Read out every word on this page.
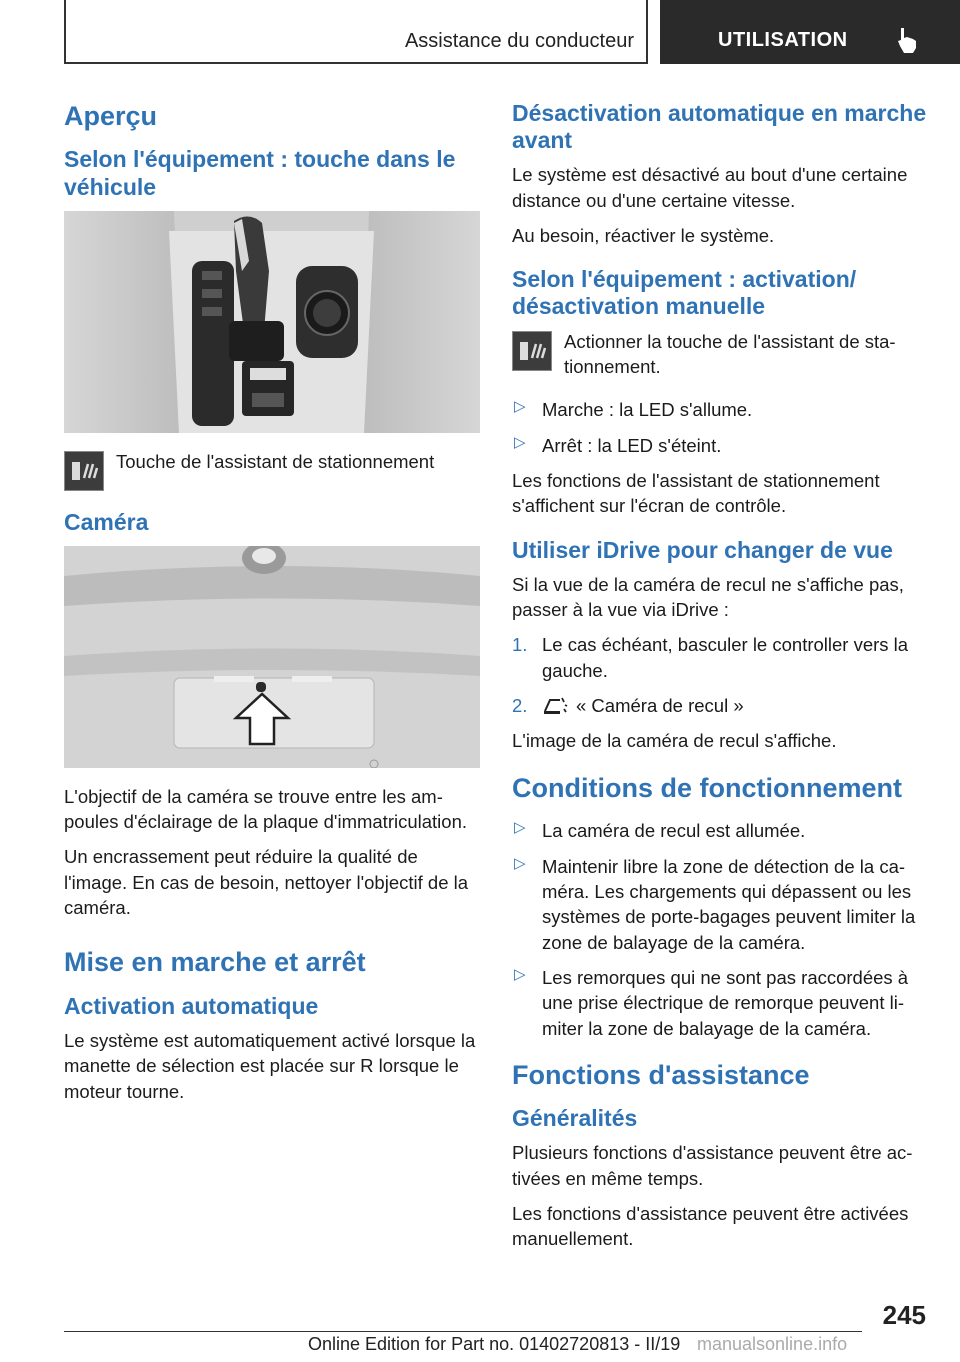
Assistance du conducteur	UTILISATION
Aperçu
Selon l'équipement : touche dans le véhicule

Touche de l'assistant de stationnement

Caméra

L'objectif de la caméra se trouve entre les am-poules d'éclairage de la plaque d'immatriculation.

Un encrassement peut réduire la qualité de l'image. En cas de besoin, nettoyer l'objectif de la caméra.

Mise en marche et arrêt
Activation automatique

Le système est automatiquement activé lorsque la manette de sélection est placée sur R lorsque le moteur tourne.

Désactivation automatique en marche avant

Le système est désactivé au bout d'une certaine distance ou d'une certaine vitesse.

Au besoin, réactiver le système.

Selon l'équipement : activation/ désactivation manuelle

Actionner la touche de l'assistant de sta-tionnement.

▷ Marche : la LED s'allume.
▷ Arrêt : la LED s'éteint.

Les fonctions de l'assistant de stationnement s'affichent sur l'écran de contrôle.

Utiliser iDrive pour changer de vue

Si la vue de la caméra de recul ne s'affiche pas, passer à la vue via iDrive :

1. Le cas échéant, basculer le controller vers la gauche.
2.	« Caméra de recul »

L'image de la caméra de recul s'affiche.

Conditions de fonctionnement
▷ La caméra de recul est allumée.
▷ Maintenir libre la zone de détection de la ca-méra. Les chargements qui dépassent ou les systèmes de porte-bagages peuvent limiter la zone de balayage de la caméra.
▷ Les remorques qui ne sont pas raccordées à une prise électrique de remorque peuvent li-miter la zone de balayage de la caméra.
Fonctions d'assistance
Généralités

Plusieurs fonctions d'assistance peuvent être ac-tivées en même temps.

Les fonctions d'assistance peuvent être activées manuellement.

245
Online Edition for Part no. 01402720813 - II/19 manualsonline.info
